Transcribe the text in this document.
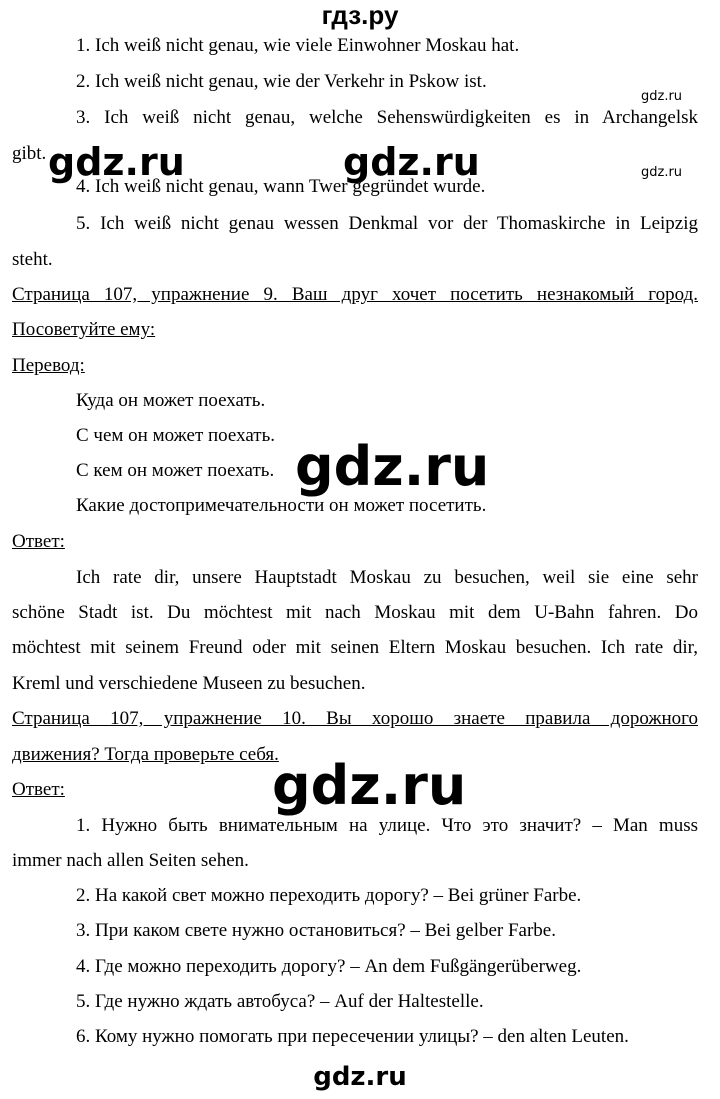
гдз.ру
1. Ich weiß nicht genau, wie viele Einwohner Moskau hat.
2. Ich weiß nicht genau, wie der Verkehr in Pskow ist.
3. Ich weiß nicht genau, welche Sehenswürdigkeiten es in Archangelsk
gibt.
4. Ich weiß nicht genau, wann Twer gegründet wurde.
5. Ich weiß nicht genau wessen Denkmal vor der Thomaskirche in Leipzig
steht.
Страница 107, упражнение 9. Ваш друг хочет посетить незнакомый город.
Посоветуйте ему:
Перевод:
Куда он может поехать.
С чем он может поехать.
С кем он может поехать.
Какие достопримечательности он может посетить.
Ответ:
Ich rate dir, unsere Hauptstadt Moskau zu besuchen, weil sie eine sehr
schöne Stadt ist. Du möchtest mit nach Moskau mit dem U-Bahn fahren. Do
möchtest mit seinem Freund oder mit seinen Eltern Moskau besuchen. Ich rate dir,
Kreml und verschiedene Museen zu besuchen.
Страница 107, упражнение 10. Вы хорошо знаете правила дорожного
движения? Тогда проверьте себя.
Ответ:
1. Нужно быть внимательным на улице. Что это значит? – Man muss
immer nach allen Seiten sehen.
2. На какой свет можно переходить дорогу? – Bei grüner Farbe.
3. При каком свете нужно остановиться? – Bei gelber Farbe.
4. Где можно переходить дорогу? – An dem Fußgängerüberweg.
5. Где нужно ждать автобуса? – Auf der Haltestelle.
6. Кому нужно помогать при пересечении улицы? – den alten Leuten.
gdz.ru
gdz.ru
gdz.ru	gdz.ru
gdz.ru
gdz.ru
gdz.ru
